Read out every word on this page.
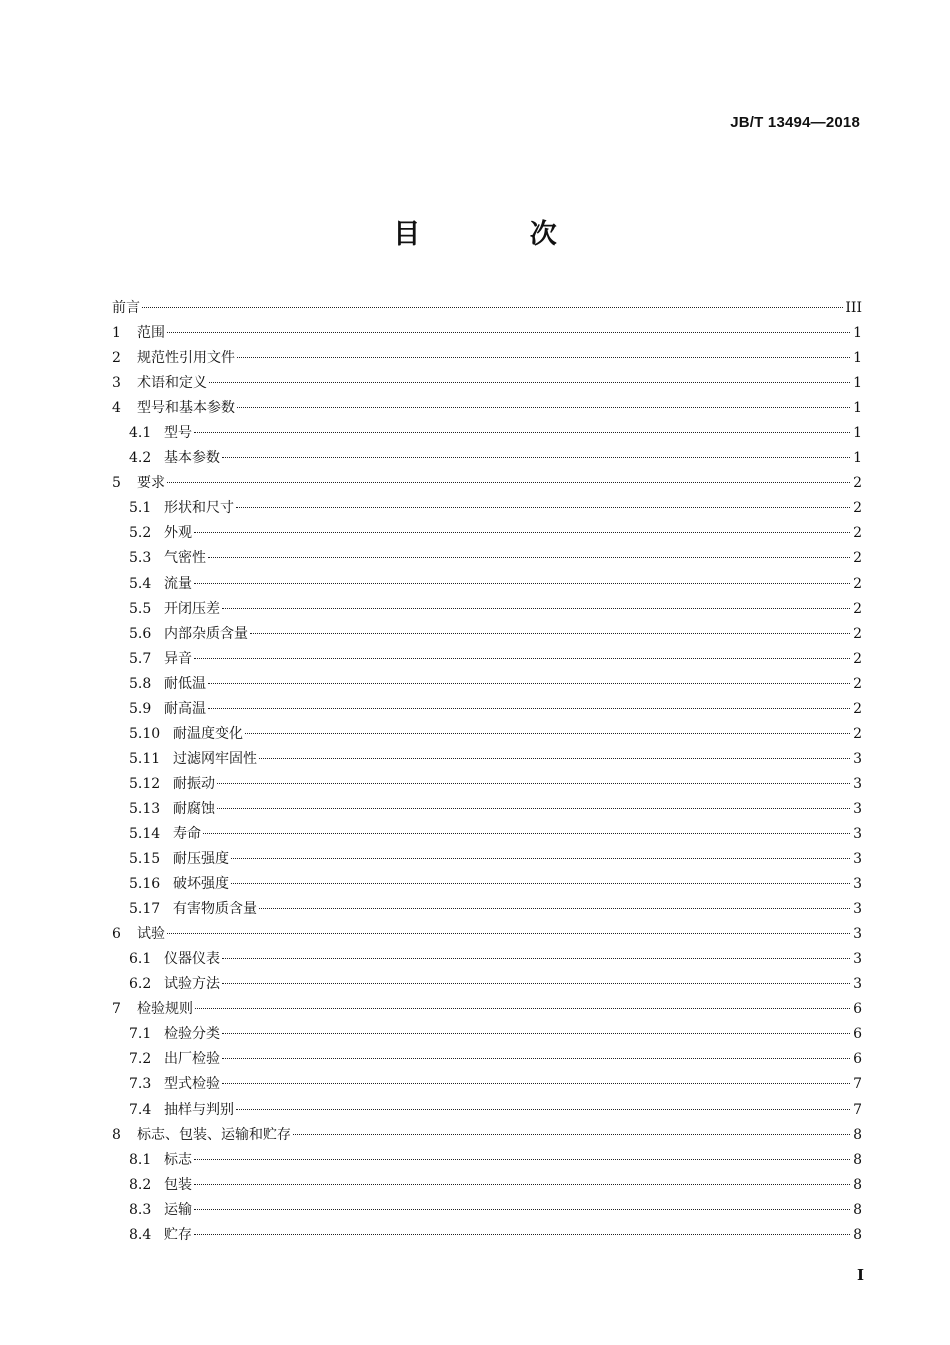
JB/T 13494—2018
目 次
前言	III
1	范围	1
2	规范性引用文件	1
3	术语和定义	1
4	型号和基本参数	1
4.1 型号	1
4.2 基本参数	1
5	要求	2
5.1 形状和尺寸	2
5.2 外观	2
5.3 气密性	2
5.4 流量	2
5.5 开闭压差	2
5.6 内部杂质含量	2
5.7 异音	2
5.8 耐低温	2
5.9 耐高温	2
5.10 耐温度变化	2
5.11 过滤网牢固性	3
5.12 耐振动	3
5.13 耐腐蚀	3
5.14 寿命	3
5.15 耐压强度	3
5.16 破坏强度	3
5.17 有害物质含量	3
6	试验	3
6.1 仪器仪表	3
6.2 试验方法	3
7	检验规则	6
7.1 检验分类	6
7.2 出厂检验	6
7.3 型式检验	7
7.4 抽样与判别	7
8	标志、包装、运输和贮存	8
8.1 标志	8
8.2 包装	8
8.3 运输	8
8.4 贮存	8
I
